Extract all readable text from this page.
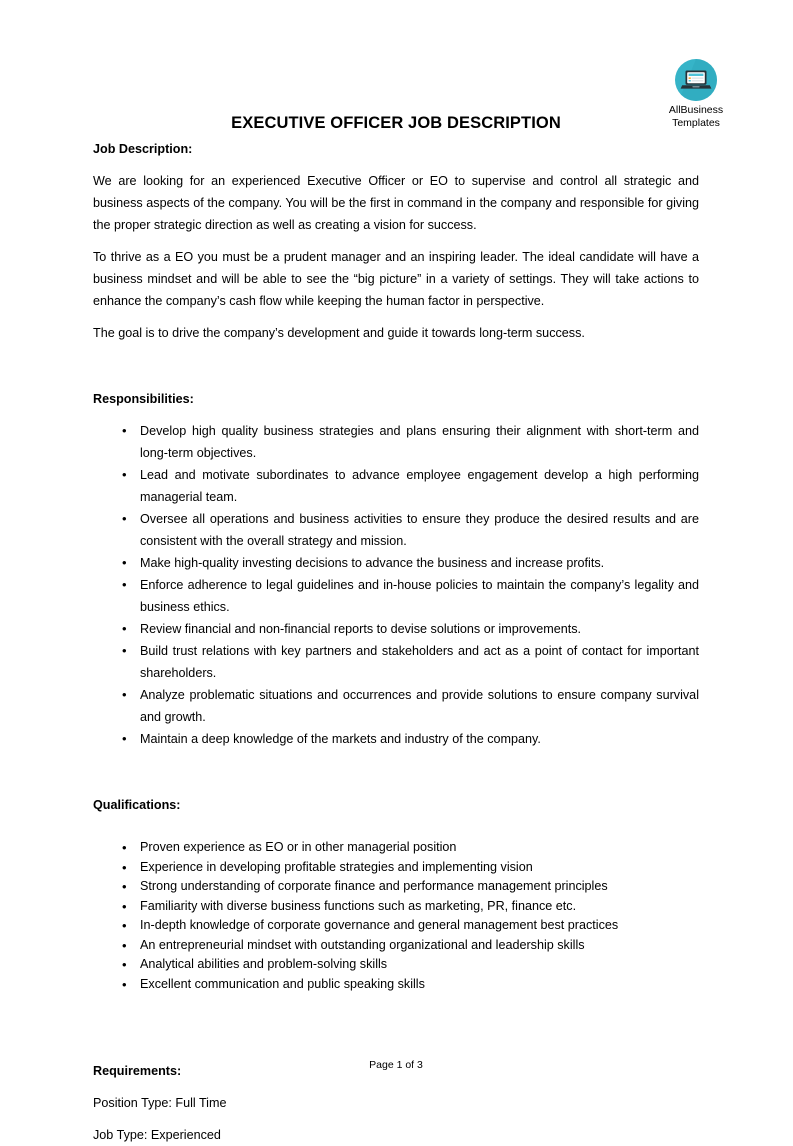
AllBusiness
Templates
EXECUTIVE OFFICER JOB DESCRIPTION
Job Description:

We are looking for an experienced Executive Officer or EO to supervise and control all strategic and business aspects of the company. You will be the first in command in the company and responsible for giving the proper strategic direction as well as creating a vision for success.

To thrive as a EO you must be a prudent manager and an inspiring leader. The ideal candidate will have a business mindset and will be able to see the “big picture” in a variety of settings. They will take actions to enhance the company’s cash flow while keeping the human factor in perspective.

The goal is to drive the company’s development and guide it towards long-term success.

Responsibilities:
• Develop high quality business strategies and plans ensuring their alignment with short-term and long-term objectives.
• Lead and motivate subordinates to advance employee engagement develop a high performing managerial team.
• Oversee all operations and business activities to ensure they produce the desired results and are consistent with the overall strategy and mission.
• Make high-quality investing decisions to advance the business and increase profits.
• Enforce adherence to legal guidelines and in-house policies to maintain the company’s legality and business ethics.
• Review financial and non-financial reports to devise solutions or improvements.
• Build trust relations with key partners and stakeholders and act as a point of contact for important shareholders.
• Analyze problematic situations and occurrences and provide solutions to ensure company survival and growth.
• Maintain a deep knowledge of the markets and industry of the company.
Qualifications:
• Proven experience as EO or in other managerial position
• Experience in developing profitable strategies and implementing vision
• Strong understanding of corporate finance and performance management principles
• Familiarity with diverse business functions such as marketing, PR, finance etc.
• In-depth knowledge of corporate governance and general management best practices
• An entrepreneurial mindset with outstanding organizational and leadership skills
• Analytical abilities and problem-solving skills
• Excellent communication and public speaking skills
Requirements:

Position Type: Full Time

Job Type: Experienced

Page 1 of 3
